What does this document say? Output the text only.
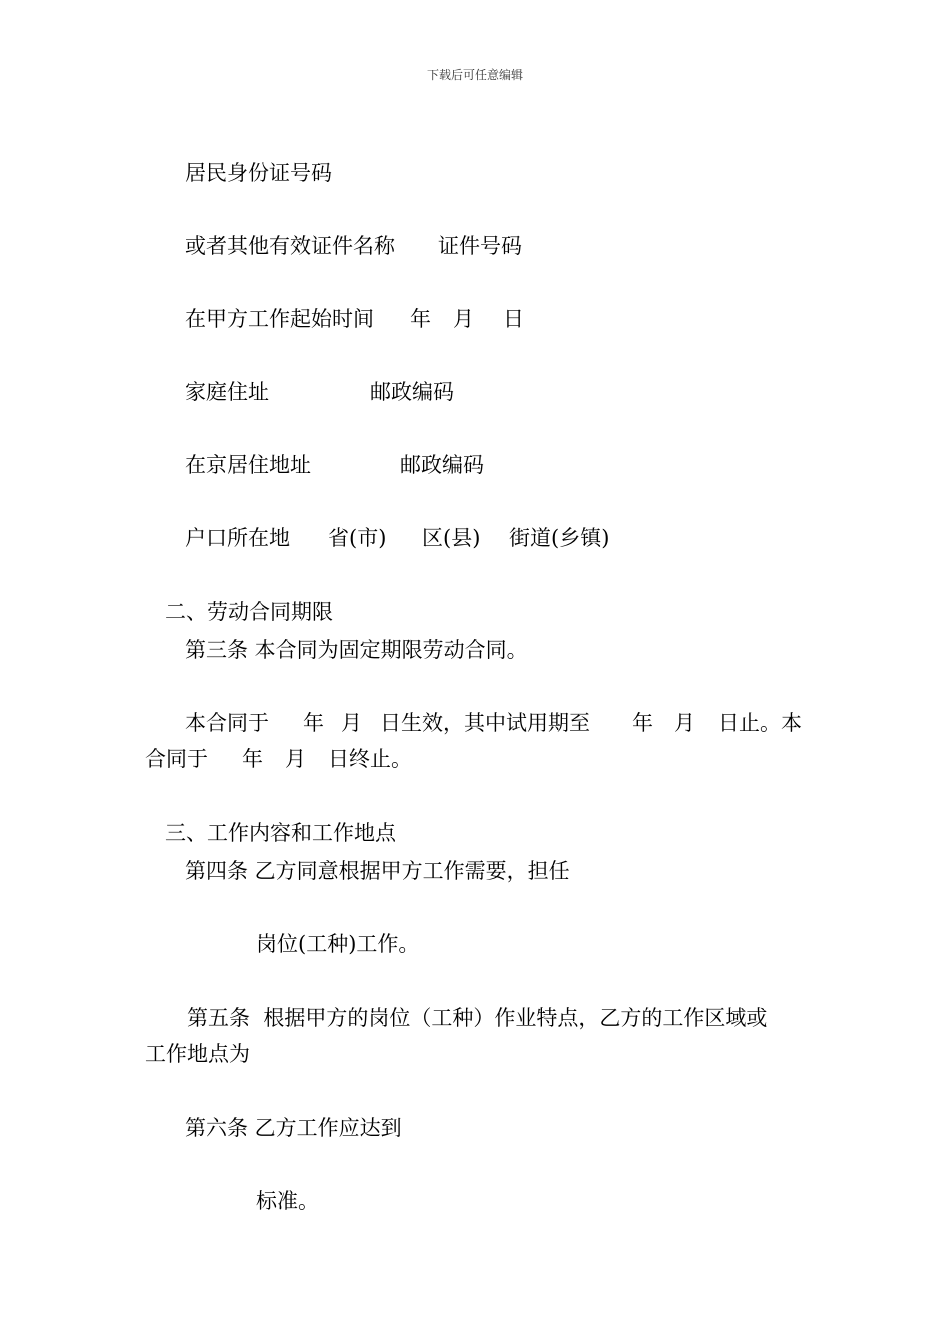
下载后可任意编辑
居民身份证号码
或者其他有效证件名称 证件号码
在甲方工作起始时间 年 月 日
家庭住址	邮政编码
在京居住地址	邮政编码
户口所在地 省(市) 区(县) 街道(乡镇)
二、劳动合同期限
第三条 本合同为固定期限劳动合同。
本合同于 年 月 日生效，其中试用期至 年 月 日止。本
合同于 年 月 日终止。
三、工作内容和工作地点
第四条 乙方同意根据甲方工作需要，担任
岗位(工种)工作。
第五条  根据甲方的岗位（工种）作业特点，乙方的工作区域或
工作地点为
第六条 乙方工作应达到
标准。
